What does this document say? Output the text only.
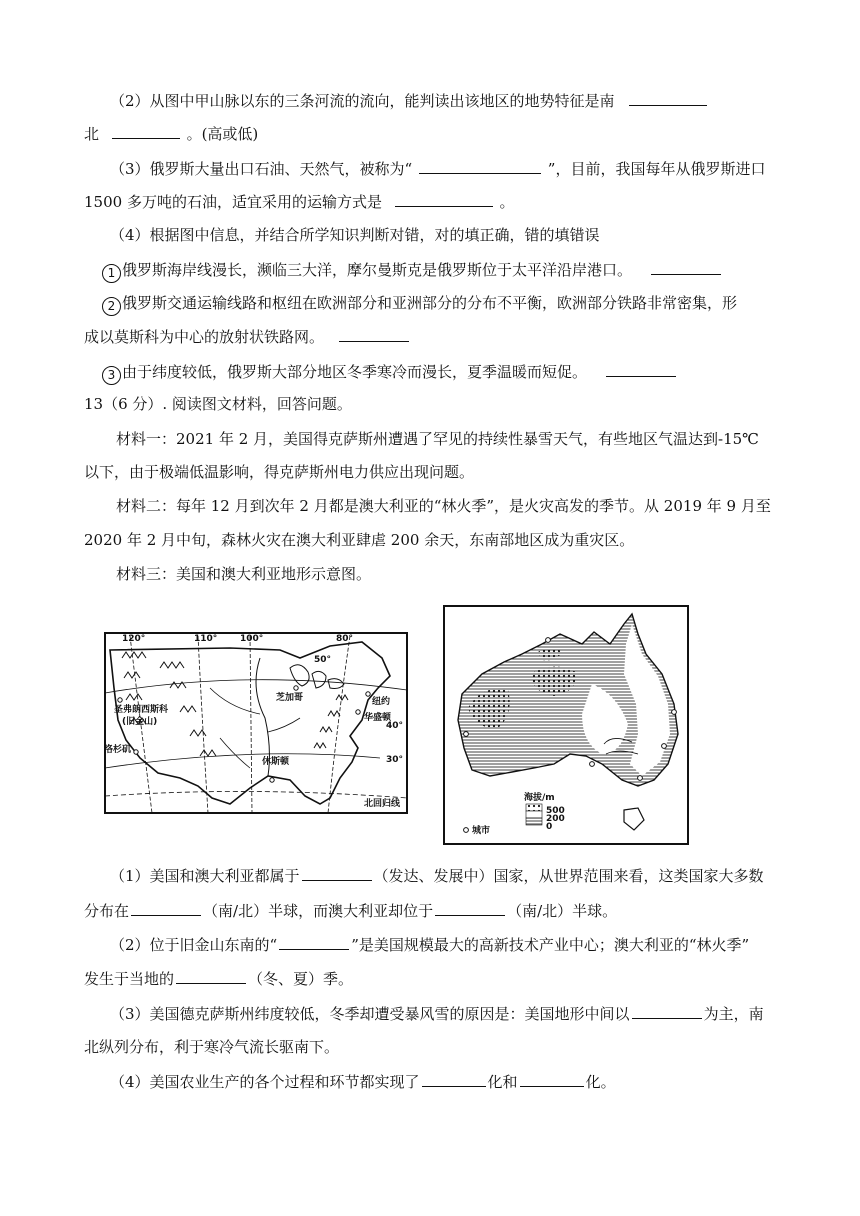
（2）从图中甲山脉以东的三条河流的流向，能判读出该地区的地势特征是南
北	。(高或低)
（3）俄罗斯大量出口石油、天然气，被称为“	”，目前，我国每年从俄罗斯进口
1500 多万吨的石油，适宜采用的运输方式是	。
（4）根据图中信息，并结合所学知识判断对错，对的填正确，错的填错误
1 俄罗斯海岸线漫长，濒临三大洋，摩尔曼斯克是俄罗斯位于太平洋沿岸港口。
2 俄罗斯交通运输线路和枢纽在欧洲部分和亚洲部分的分布不平衡，欧洲部分铁路非常密集，形
成以莫斯科为中心的放射状铁路网。
3 由于纬度较低，俄罗斯大部分地区冬季寒冷而漫长，夏季温暖而短促。
13（6 分）. 阅读图文材料，回答问题。
材料一：2021 年 2 月，美国得克萨斯州遭遇了罕见的持续性暴雪天气，有些地区气温达到-15℃
以下，由于极端低温影响，得克萨斯州电力供应出现问题。
材料二：每年 12 月到次年 2 月都是澳大利亚的“林火季”，是火灾高发的季节。从 2019 年 9 月至
2020 年 2 月中旬，森林火灾在澳大利亚肆虐 200 余天，东南部地区成为重灾区。
材料三：美国和澳大利亚地形示意图。
120°	110°	100°	80°
50°
40°
30°
圣弗朗西斯科
(旧金山)
洛杉矶
芝加哥	纽约
华盛顿
休斯顿
北回归线
海拔/m
500
200
0
城市
（1）美国和澳大利亚都属于	（发达、发展中）国家，从世界范围来看，这类国家大多数
分布在	（南/北）半球，而澳大利亚却位于	（南/北）半球。
（2）位于旧金山东南的“	”是美国规模最大的高新技术产业中心；澳大利亚的“林火季”
发生于当地的	（冬、夏）季。
（3）美国德克萨斯州纬度较低，冬季却遭受暴风雪的原因是：美国地形中间以	为主，南
北纵列分布，利于寒冷气流长驱南下。
（4）美国农业生产的各个过程和环节都实现了	化和	化。
